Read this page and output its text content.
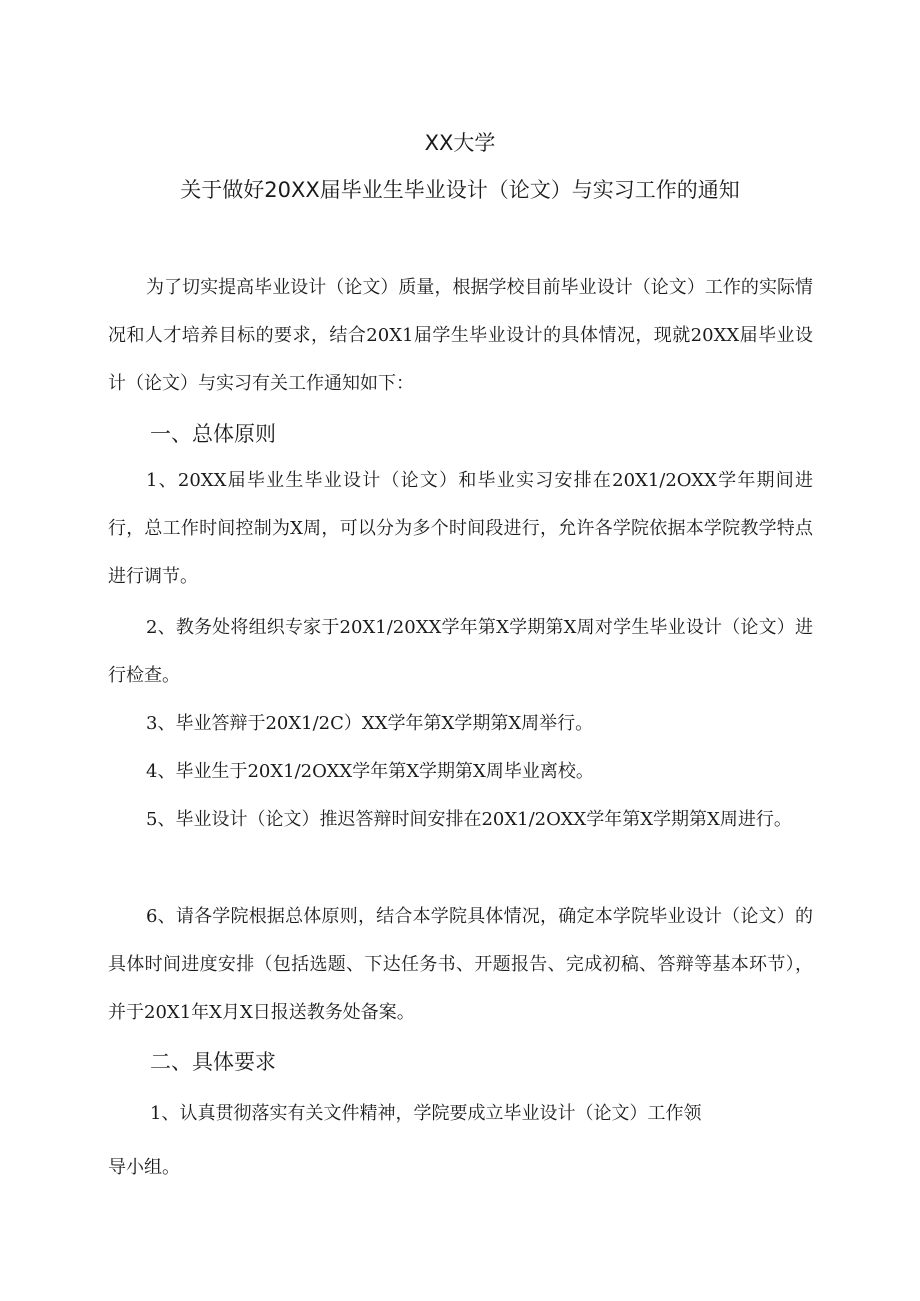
XX大学
关于做好20XX届毕业生毕业设计（论文）与实习工作的通知
为了切实提高毕业设计（论文）质量，根据学校目前毕业设计（论文）工作的实际情况和人才培养目标的要求，结合20X1届学生毕业设计的具体情况，现就20XX届毕业设计（论文）与实习有关工作通知如下：
一、总体原则
1、20XX届毕业生毕业设计（论文）和毕业实习安排在20X1/2OXX学年期间进行，总工作时间控制为X周，可以分为多个时间段进行，允许各学院依据本学院教学特点进行调节。
2、教务处将组织专家于20X1/20XX学年第X学期第X周对学生毕业设计（论文）进行检查。
3、毕业答辩于20X1/2C）XX学年第X学期第X周举行。
4、毕业生于20X1/2OXX学年第X学期第X周毕业离校。
5、毕业设计（论文）推迟答辩时间安排在20X1/2OXX学年第X学期第X周进行。
6、请各学院根据总体原则，结合本学院具体情况，确定本学院毕业设计（论文）的具体时间进度安排（包括选题、下达任务书、开题报告、完成初稿、答辩等基本环节），并于20X1年X月X日报送教务处备案。
二、具体要求
1、认真贯彻落实有关文件精神，学院要成立毕业设计（论文）工作领
导小组。
